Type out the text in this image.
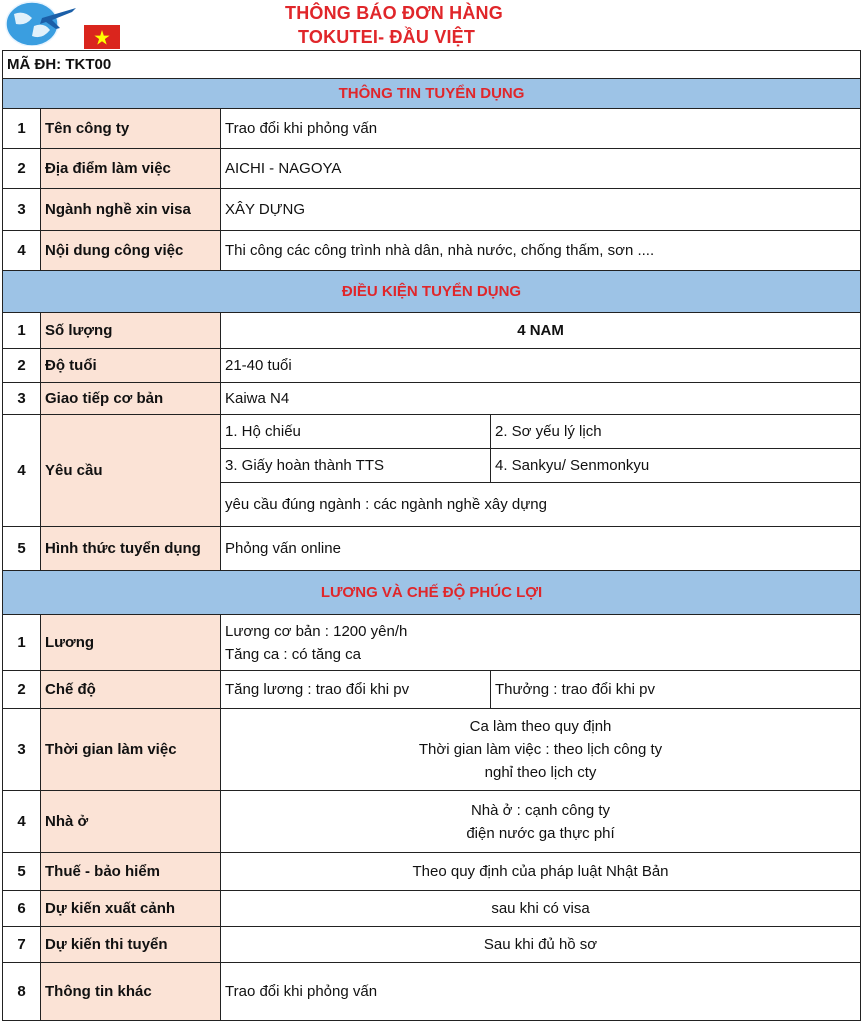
THÔNG BÁO ĐƠN HÀNG
TOKUTEI- ĐẦU VIỆT
MÃ ĐH: TKT00			
THÔNG TIN TUYỂN DỤNG			
1	Tên công ty	Trao đổi khi phỏng vấn	
2	Địa điểm làm việc	AICHI - NAGOYA	
3	Ngành nghề xin visa	XÂY DỰNG	
4	Nội dung công việc	Thi công các công trình nhà dân, nhà nước, chống thấm, sơn ....	
ĐIỀU KIỆN TUYỂN DỤNG			
1	Số lượng	4 NAM	
2	Độ tuổi	21-40 tuổi	
3	Giao tiếp cơ bản	Kaiwa N4	
4	Yêu cầu	1. Hộ chiếu	2. Sơ yếu lý lịch
		3. Giấy hoàn thành TTS	4. Sankyu/ Senmonkyu
		yêu cầu đúng ngành : các ngành nghề xây dựng	
5	Hình thức tuyển dụng	Phỏng vấn online	
LƯƠNG VÀ CHẾ ĐỘ PHÚC LỢI			
1	Lương	Lương cơ bản : 1200 yên/h
Tăng ca : có tăng ca	

2	Chế độ	Tăng lương : trao đổi khi pv	Thưởng : trao đổi khi pv
3	Thời gian làm việc	Ca làm theo quy định
Thời gian làm việc : theo lịch công ty
nghỉ theo lịch cty	

4	Nhà ở	Nhà ở : cạnh công ty
điện nước ga thực phí	

5	Thuế - bảo hiểm	Theo quy định của pháp luật Nhật Bản	
6	Dự kiến xuất cảnh	sau khi có visa	
7	Dự kiến thi tuyển	Sau khi đủ hồ sơ	
8	Thông tin khác	Trao đổi khi phỏng vấn	
